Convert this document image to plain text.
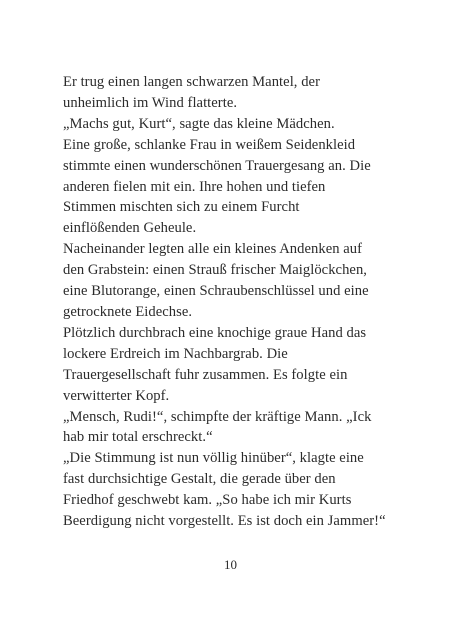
Er trug einen langen schwarzen Mantel, der
unheimlich im Wind flatterte.
„Machs gut, Kurt“, sagte das kleine Mädchen.
Eine große, schlanke Frau in weißem Seidenkleid
stimmte einen wunderschönen Trauergesang an. Die
anderen fielen mit ein. Ihre hohen und tiefen
Stimmen mischten sich zu einem Furcht
einflößenden Geheule.
Nacheinander legten alle ein kleines Andenken auf
den Grabstein: einen Strauß frischer Maiglöckchen,
eine Blutorange, einen Schraubenschlüssel und eine
getrocknete Eidechse.
Plötzlich durchbrach eine knochige graue Hand das
lockere Erdreich im Nachbargrab. Die
Trauergesellschaft fuhr zusammen. Es folgte ein
verwitterter Kopf.
„Mensch, Rudi!“, schimpfte der kräftige Mann. „Ick
hab mir total erschreckt.“
„Die Stimmung ist nun völlig hinüber“, klagte eine
fast durchsichtige Gestalt, die gerade über den
Friedhof geschwebt kam. „So habe ich mir Kurts
Beerdigung nicht vorgestellt. Es ist doch ein Jammer!“
10
